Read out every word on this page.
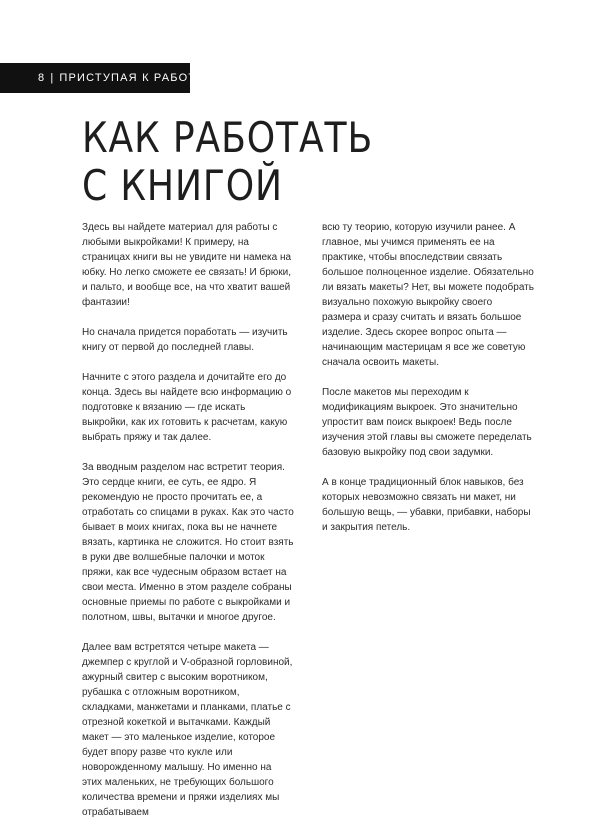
8 | ПРИСТУПАЯ К РАБОТЕ
КАК РАБОТАТЬ
С КНИГОЙ

Здесь вы найдете материал для работы с любыми выкройками! К примеру, на страницах книги вы не увидите ни намека на юбку. Но легко сможете ее связать! И брюки, и пальто, и вообще все, на что хватит вашей фантазии!

Но сначала придется поработать — изучить книгу от первой до последней главы.

Начните с этого раздела и дочитайте его до конца. Здесь вы найдете всю информацию о подготовке к вязанию — где искать выкройки, как их готовить к расчетам, какую выбрать пряжу и так далее.

За вводным разделом нас встретит теория. Это сердце книги, ее суть, ее ядро. Я рекомендую не просто прочитать ее, а отработать со спицами в руках. Как это часто бывает в моих книгах, пока вы не начнете вязать, картинка не сложится. Но стоит взять в руки две волшебные палочки и моток пряжи, как все чудесным образом встает на свои места. Именно в этом разделе собраны основные приемы по работе с выкройками и полотном, швы, вытачки и многое другое.

Далее вам встретятся четыре макета — джемпер с круглой и V-образной горловиной, ажурный свитер с высоким воротником, рубашка с отложным воротником, складками, манжетами и планками, платье с отрезной кокеткой и вытачками. Каждый макет — это маленькое изделие, которое будет впору разве что кукле или новорожденному малышу. Но именно на этих маленьких, не требующих большого количества времени и пряжи изделиях мы отрабатываем

всю ту теорию, которую изучили ранее. А главное, мы учимся применять ее на практике, чтобы впоследствии связать большое полноценное изделие. Обязательно ли вязать макеты? Нет, вы можете подобрать визуально похожую выкройку своего размера и сразу считать и вязать большое изделие. Здесь скорее вопрос опыта — начинающим мастерицам я все же советую сначала освоить макеты.

После макетов мы переходим к модификациям выкроек. Это значительно упростит вам поиск выкроек! Ведь после изучения этой главы вы сможете переделать базовую выкройку под свои задумки.

А в конце традиционный блок навыков, без которых невозможно связать ни макет, ни большую вещь, — убавки, прибавки, наборы и закрытия петель.
